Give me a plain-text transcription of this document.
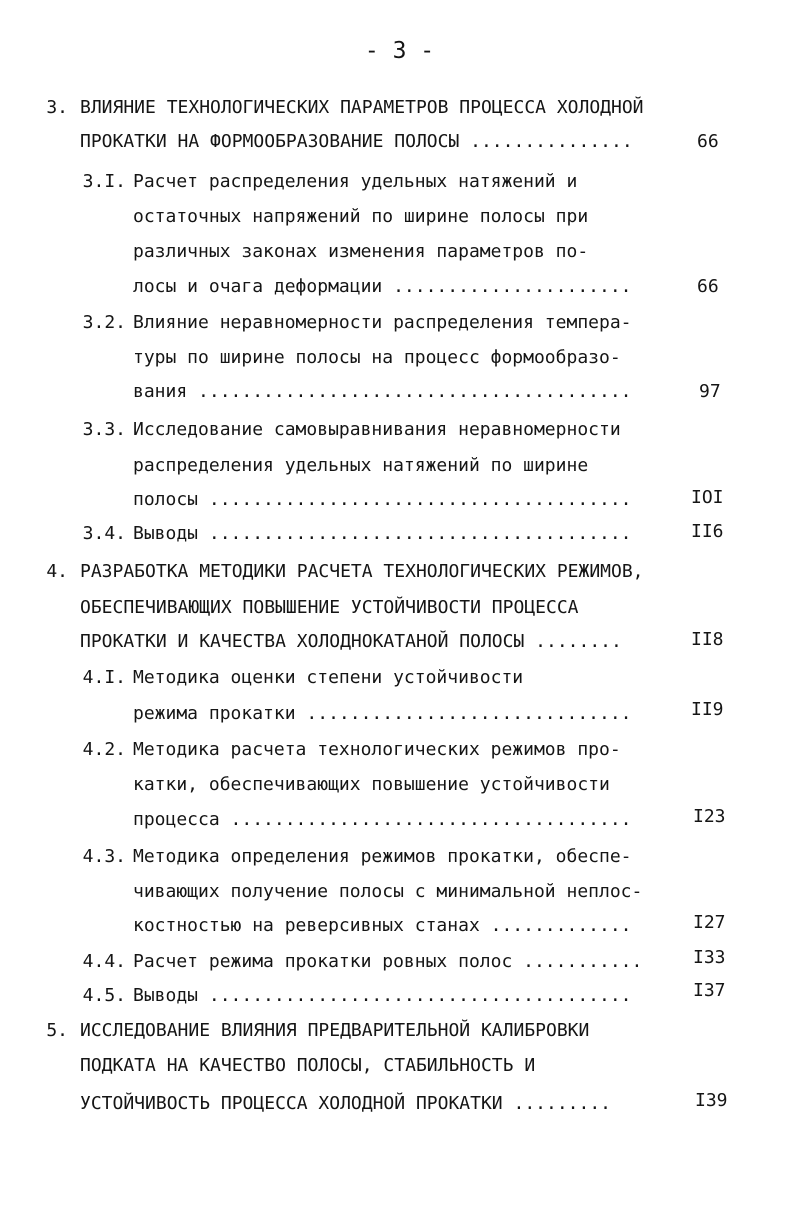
- 3 -
3. ВЛИЯНИЕ ТЕХНОЛОГИЧЕСКИХ ПАРАМЕТРОВ ПРОЦЕССА ХОЛОДНОЙ
ПРОКАТКИ НА ФОРМООБРАЗОВАНИЕ ПОЛОСЫ ...............	66
3.I. Расчет распределения удельных натяжений и
остаточных напряжений по ширине полосы при
различных законах изменения параметров по-
лосы и очага деформации ......................	66
3.2. Влияние неравномерности распределения темпера-
туры по ширине полосы на процесс формообразо-
вания ........................................	97
3.3. Исследование самовыравнивания неравномерности
распределения удельных натяжений по ширине
полосы .......................................	IOI
3.4. Выводы .......................................	II6
4. РАЗРАБОТКА МЕТОДИКИ РАСЧЕТА ТЕХНОЛОГИЧЕСКИХ РЕЖИМОВ,
ОБЕСПЕЧИВАЮЩИХ ПОВЫШЕНИЕ УСТОЙЧИВОСТИ ПРОЦЕССА
ПРОКАТКИ И КАЧЕСТВА ХОЛОДНОКАТАНОЙ ПОЛОСЫ ........	II8
4.I. Методика оценки степени устойчивости
режима прокатки ..............................	II9
4.2. Методика расчета технологических режимов про-
катки, обеспечивающих повышение устойчивости
процесса .....................................	I23
4.3. Методика определения режимов прокатки, обеспе-
чивающих получение полосы с минимальной неплос-
костностью на реверсивных станах .............	I27
4.4. Расчет режима прокатки ровных полос ...........	I33
4.5. Выводы .......................................	I37
5. ИССЛЕДОВАНИЕ ВЛИЯНИЯ ПРЕДВАРИТЕЛЬНОЙ КАЛИБРОВКИ
ПОДКАТА НА КАЧЕСТВО ПОЛОСЫ, СТАБИЛЬНОСТЬ И
УСТОЙЧИВОСТЬ ПРОЦЕССА ХОЛОДНОЙ ПРОКАТКИ .........	I39
